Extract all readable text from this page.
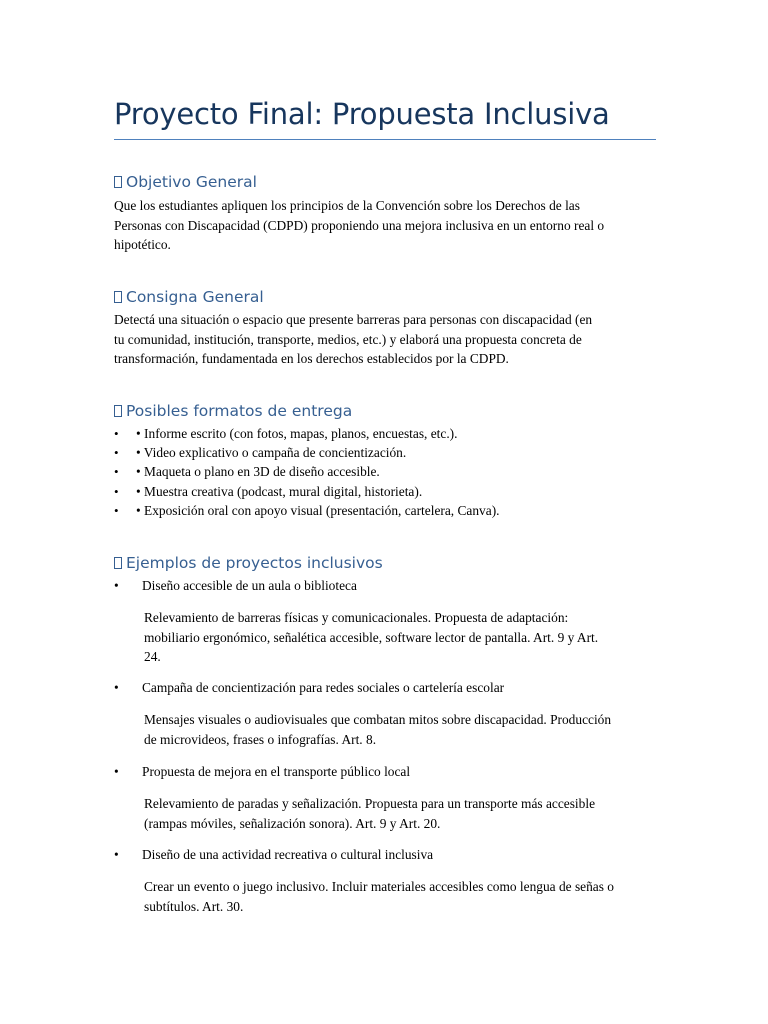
Proyecto Final: Propuesta Inclusiva
Objetivo General
Que los estudiantes apliquen los principios de la Convención sobre los Derechos de las
Personas con Discapacidad (CDPD) proponiendo una mejora inclusiva en un entorno real o
hipotético.
Consigna General
Detectá una situación o espacio que presente barreras para personas con discapacidad (en
tu comunidad, institución, transporte, medios, etc.) y elaborá una propuesta concreta de
transformación, fundamentada en los derechos establecidos por la CDPD.
Posibles formatos de entrega
• • Informe escrito (con fotos, mapas, planos, encuestas, etc.).
• • Video explicativo o campaña de concientización.
• • Maqueta o plano en 3D de diseño accesible.
• • Muestra creativa (podcast, mural digital, historieta).
• • Exposición oral con apoyo visual (presentación, cartelera, Canva).
Ejemplos de proyectos inclusivos
• Diseño accesible de un aula o biblioteca
Relevamiento de barreras físicas y comunicacionales. Propuesta de adaptación:
mobiliario ergonómico, señalética accesible, software lector de pantalla. Art. 9 y Art.
24.
• Campaña de concientización para redes sociales o cartelería escolar
Mensajes visuales o audiovisuales que combatan mitos sobre discapacidad. Producción
de microvideos, frases o infografías. Art. 8.
• Propuesta de mejora en el transporte público local
Relevamiento de paradas y señalización. Propuesta para un transporte más accesible
(rampas móviles, señalización sonora). Art. 9 y Art. 20.
• Diseño de una actividad recreativa o cultural inclusiva
Crear un evento o juego inclusivo. Incluir materiales accesibles como lengua de señas o
subtítulos. Art. 30.
